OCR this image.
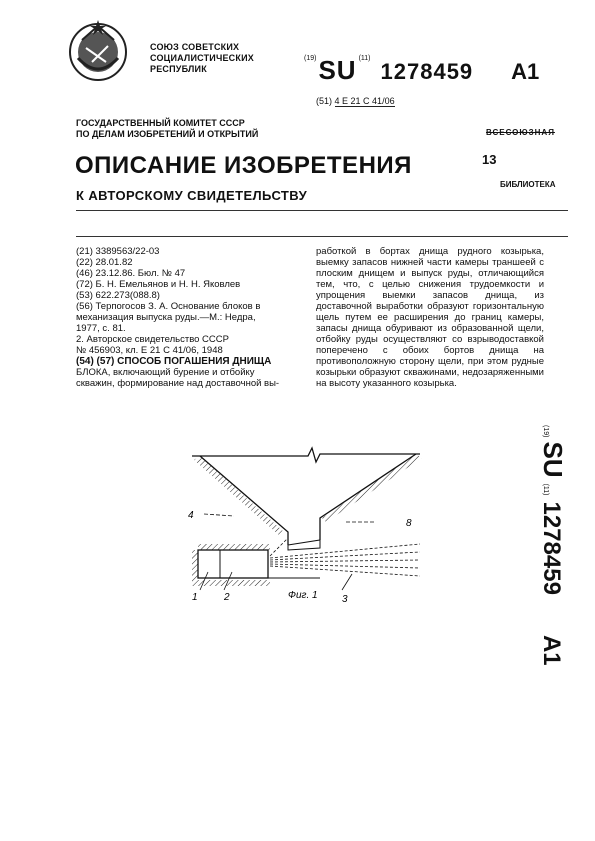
СОЮЗ СОВЕТСКИХ
СОЦИАЛИСТИЧЕСКИХ
РЕСПУБЛИК
$^{(19)}$SU $^{(11)}$1278459 A1
(51) 4 Е 21 С 41/06
ГОСУДАРСТВЕННЫЙ КОМИТЕТ СССР
ПО ДЕЛАМ ИЗОБРЕТЕНИЙ И ОТКРЫТИЙ	ВСЕСОЮЗНАЯ
13
БИБЛИОТЕКА
ОПИСАНИЕ ИЗОБРЕТЕНИЯ
К АВТОРСКОМУ СВИДЕТЕЛЬСТВУ
(21) 3389563/22-03
(22) 28.01.82
(46) 23.12.86. Бюл. № 47
(72) Б. Н. Емельянов и Н. Н. Яковлев
(53) 622.273(088.8)
(56) Терпогосов З. А. Основание блоков в
механизация выпуска руды.—М.: Недра,
1977, с. 81.
2. Авторское свидетельство СССР
№ 456903, кл. Е 21 С 41/06, 1948
(54) (57) СПОСОБ ПОГАШЕНИЯ ДНИЩА
БЛОКА, включающий бурение и отбойку
скважин, формирование над доставочной вы-
работкой в бортах днища рудного козырька, выемку запасов нижней части камеры траншеей с плоским днищем и выпуск руды, отличающийся тем, что, с целью снижения трудоемкости и упрощения выемки запасов днища, из доставочной выработки образуют горизонтальную щель путем ее расширения до границ камеры, запасы днища обуривают из образованной щели, отбойку руды осуществляют со взрыводоставкой поперечено с обоих бортов днища на противоположную сторону щели, при этом рудные козырьки образуют скважинами, недозаряженными на высоту указанного козырька.
4
8
1	2	3
Фиг. 1
(19)SU(11)1278459A1
